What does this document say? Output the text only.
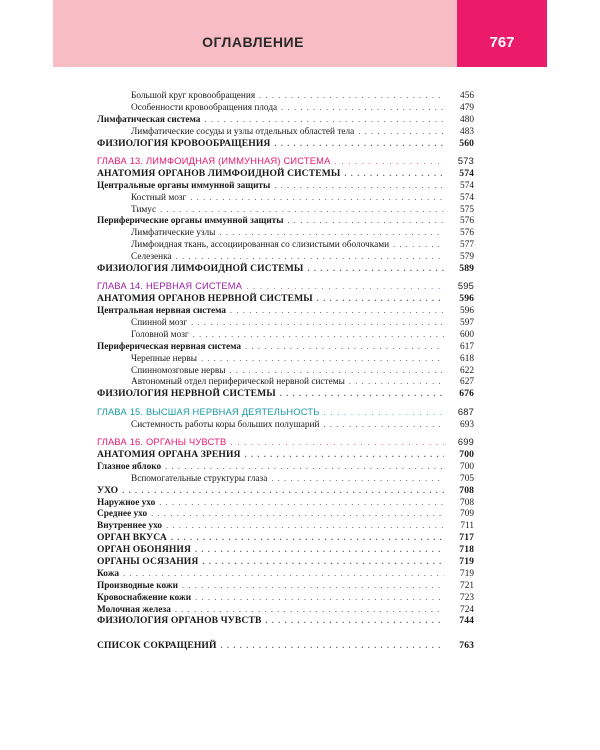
ОГЛАВЛЕНИЕ	767
Большой круг кровообращения . . .	456
Особенности кровообращения плода . . .	479
Лимфатическая система . . .	480
Лимфатические сосуды и узлы отдельных областей тела . . .	483
ФИЗИОЛОГИЯ КРОВООБРАЩЕНИЯ . . .	560
ГЛАВА 13. ЛИМФОИДНАЯ (ИММУННАЯ) СИСТЕМА . . .	573
АНАТОМИЯ ОРГАНОВ ЛИМФОИДНОЙ СИСТЕМЫ . . .	574
Центральные органы иммунной защиты . . .	574
Костный мозг . . .	574
Тимус . . .	575
Периферические органы иммунной защиты . . .	576
Лимфатические узлы . . .	576
Лимфоидная ткань, ассоциированная со слизистыми оболочками . . .	577
Селезенка . . .	579
ФИЗИОЛОГИЯ ЛИМФОИДНОЙ СИСТЕМЫ . . .	589
ГЛАВА 14. НЕРВНАЯ СИСТЕМА . . .	595
АНАТОМИЯ ОРГАНОВ НЕРВНОЙ СИСТЕМЫ . . .	596
Центральная нервная система . . .	596
Спинной мозг . . .	597
Головной мозг . . .	600
Периферическая нервная система . . .	617
Черепные нервы . . .	618
Спинномозговые нервы . . .	622
Автономный отдел периферической нервной системы . . .	627
ФИЗИОЛОГИЯ НЕРВНОЙ СИСТЕМЫ . . .	676
ГЛАВА 15. ВЫСШАЯ НЕРВНАЯ ДЕЯТЕЛЬНОСТЬ . . .	687
Системность работы коры больших полушарий . . .	693
ГЛАВА 16. ОРГАНЫ ЧУВСТВ . . .	699
АНАТОМИЯ ОРГАНА ЗРЕНИЯ . . .	700
Глазное яблоко . . .	700
Вспомогательные структуры глаза . . .	705
УХО . . .	708
Наружное ухо . . .	708
Среднее ухо . . .	709
Внутреннее ухо . . .	711
ОРГАН ВКУСА . . .	717
ОРГАН ОБОНЯНИЯ . . .	718
ОРГАНЫ ОСЯЗАНИЯ . . .	719
Кожа . . .	719
Производные кожи . . .	721
Кровоснабжение кожи . . .	723
Молочная железа . . .	724
ФИЗИОЛОГИЯ ОРГАНОВ ЧУВСТВ . . .	744
СПИСОК СОКРАЩЕНИЙ . . .	763
